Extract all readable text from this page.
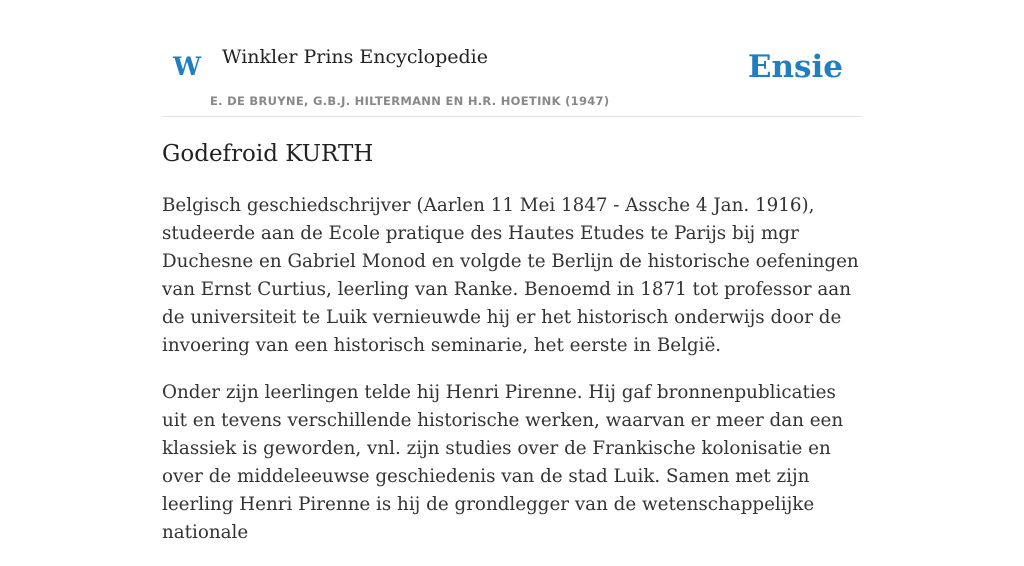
W Winkler Prins Encyclopedie
E. DE BRUYNE, G.B.J. HILTERMANN EN H.R. HOETINK (1947)
Ensie
Godefroid KURTH

Belgisch geschiedschrijver (Aarlen 11 Mei 1847 - Assche 4 Jan. 1916), studeerde aan de Ecole pratique des Hautes Etudes te Parijs bij mgr Duchesne en Gabriel Monod en volgde te Berlijn de historische oefeningen van Ernst Curtius, leerling van Ranke. Benoemd in 1871 tot professor aan de universiteit te Luik vernieuwde hij er het historisch onderwijs door de invoering van een historisch seminarie, het eerste in België.

Onder zijn leerlingen telde hij Henri Pirenne. Hij gaf bronnenpublicaties uit en tevens verschillende historische werken, waarvan er meer dan een klassiek is geworden, vnl. zijn studies over de Frankische kolonisatie en over de middeleeuwse geschiedenis van de stad Luik. Samen met zijn leerling Henri Pirenne is hij de grondlegger van de wetenschappelijke nationale
